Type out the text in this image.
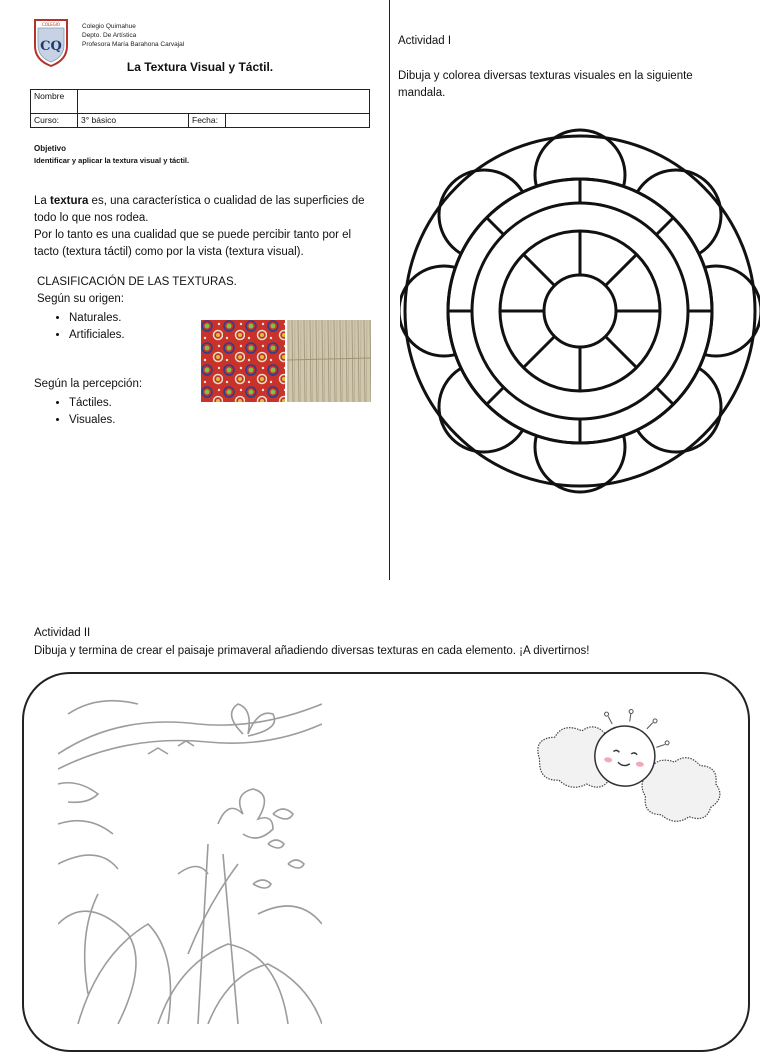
COLEGIO
CQ
Colegio Quimahue
Depto. De Artística
Profesora María Barahona Carvajal
La Textura Visual y Táctil.
Nombre			
Curso:	3° básico	Fecha:	
Objetivo
Identificar y aplicar la textura visual y táctil.
La textura es, una característica o cualidad de las superficies de todo lo que nos rodea.
Por lo tanto es una cualidad que se puede percibir tanto por el tacto (textura táctil) como por la vista (textura visual).
CLASIFICACIÓN DE LAS TEXTURAS.
Según su origen:
• Naturales.
• Artificiales.
Según la percepción:
• Táctiles.
• Visuales.
Actividad I
Dibuja y colorea diversas texturas visuales en la siguiente mandala.
Actividad II
Dibuja y termina de crear el paisaje primaveral añadiendo diversas texturas en cada elemento. ¡A divertirnos!
